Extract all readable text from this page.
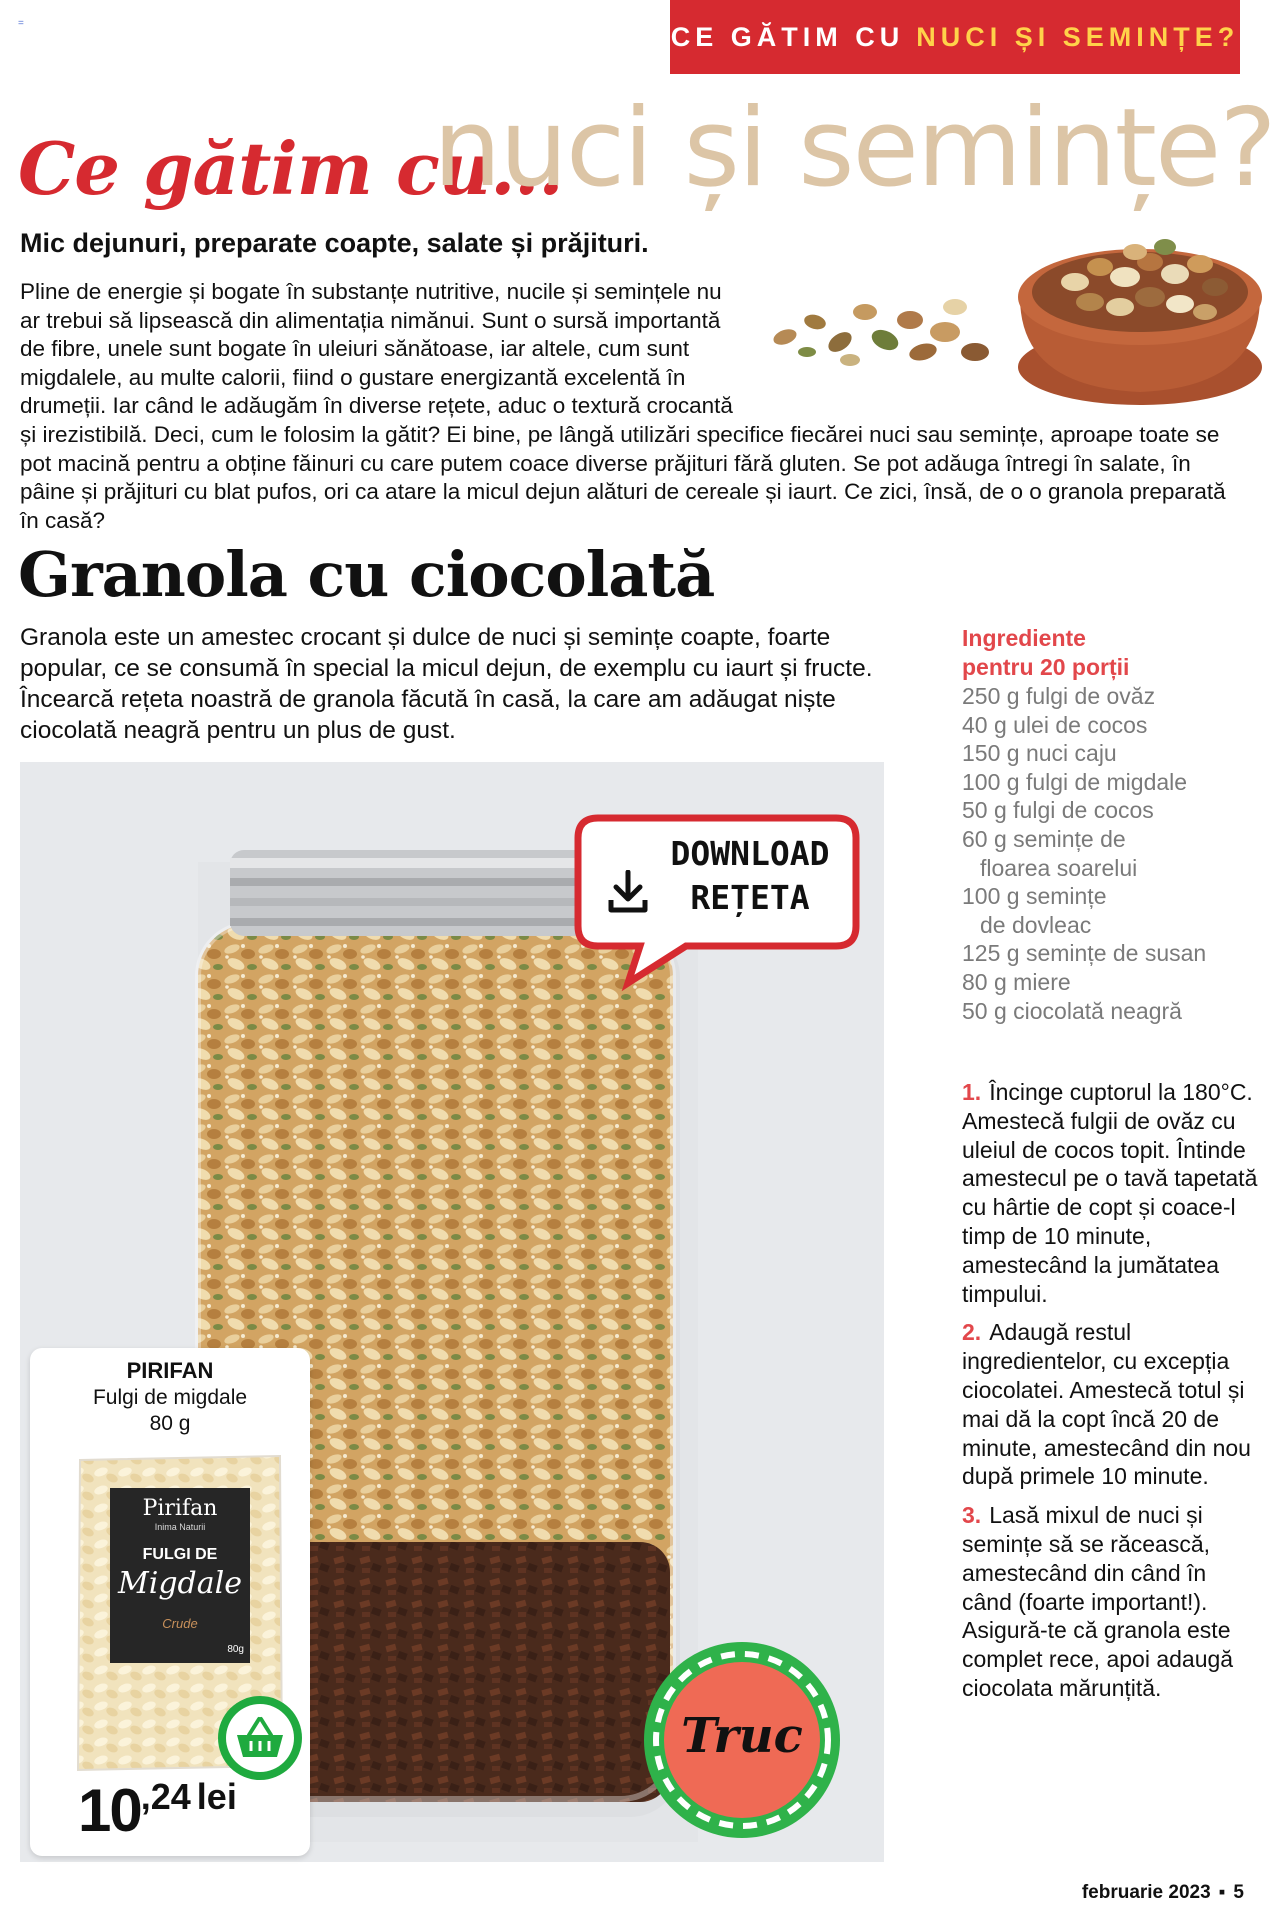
=	CE GĂTIM CU NUCI ȘI SEMINȚE?
Ce gătim cu...
nuci și semințe?
Mic dejunuri, preparate coapte, salate și prăjituri.
Pline de energie și bogate în substanțe nutritive, nucile și semințele nu ar trebui să lipsească din alimentația nimănui. Sunt o sursă importantă de fibre, unele sunt bogate în uleiuri sănătoase, iar altele, cum sunt migdalele, au multe calorii, fiind o gustare energizantă excelentă în drumeții. Iar când le adăugăm în diverse rețete, aduc o textură crocantă și irezistibilă. Deci, cum le folosim la gătit? Ei bine, pe lângă utilizări specifice fiecărei nuci sau semințe, aproape toate se pot macină pentru a obține făinuri cu care putem coace diverse prăjituri fără gluten. Se pot adăuga întregi în salate, în pâine și prăjituri cu blat pufos, ori ca atare la micul dejun alături de cereale și iaurt. Ce zici, însă, de o o granola preparată în casă?
Granola cu ciocolată
Granola este un amestec crocant și dulce de nuci și semințe coapte, foarte popular, ce se consumă în special la micul dejun, de exemplu cu iaurt și fructe. Încearcă rețeta noastră de granola făcută în casă, la care am adăugat niște ciocolată neagră pentru un plus de gust.
DOWNLOAD
REȚETA
PIRIFAN
Fulgi de migdale
80 g
Pirifan
Inima Naturii
FULGI DE
Migdale
Crude
80g
$10^{,24}$ $^{lei}$
Truc
Ingrediente
pentru 20 porții
250 g fulgi de ovăz
40 g ulei de cocos
150 g nuci caju
100 g fulgi de migdale
50 g fulgi de cocos
60 g semințe de
floarea soarelui
100 g semințe
de dovleac
125 g semințe de susan
80 g miere
50 g ciocolată neagră
1. Încinge cuptorul la 180°C. Amestecă fulgii de ovăz cu uleiul de cocos topit. Întinde amestecul pe o tavă tapetată cu hârtie de copt și coace-l timp de 10 minute, amestecând la jumătatea timpului.
2. Adaugă restul ingredientelor, cu excepția ciocolatei. Amestecă totul și mai dă la copt încă 20 de minute, amestecând din nou după primele 10 minute.
3. Lasă mixul de nuci și semințe să se răcească, amestecând din când în când (foarte important!). Asigură-te că granola este complet rece, apoi adaugă ciocolata mărunțită.
februarie 2023 ▪ 5
